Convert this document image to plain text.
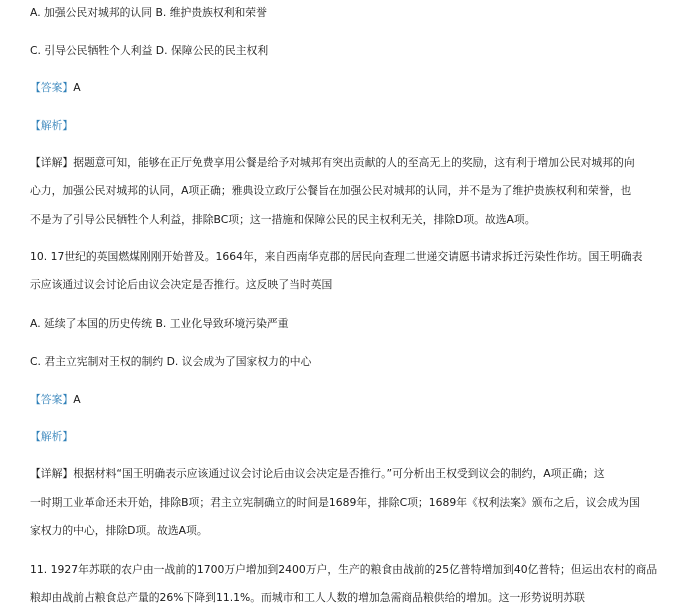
A. 加强公民对城邦的认同 B. 维护贵族权利和荣誉
C. 引导公民牺牲个人利益 D. 保障公民的民主权利
【答案】A
【解析】
【详解】据题意可知，能够在正厅免费享用公餐是给予对城邦有突出贡献的人的至高无上的奖励，这有利于增加公民对城邦的向
心力，加强公民对城邦的认同，A项正确；雅典设立政厅公餐旨在加强公民对城邦的认同，并不是为了维护贵族权利和荣誉，也
不是为了引导公民牺牲个人利益，排除BC项；这一措施和保障公民的民主权利无关，排除D项。故选A项。
10. 17世纪的英国燃煤刚刚开始普及。1664年，来自西南华克郡的居民向查理二世递交请愿书请求拆迁污染性作坊。国王明确表
示应该通过议会讨论后由议会决定是否推行。这反映了当时英国
A. 延续了本国的历史传统 B. 工业化导致环境污染严重
C. 君主立宪制对王权的制约 D. 议会成为了国家权力的中心
【答案】A
【解析】
【详解】根据材料“国王明确表示应该通过议会讨论后由议会决定是否推行。”可分析出王权受到议会的制约，A项正确；这
一时期工业革命还未开始，排除B项；君主立宪制确立的时间是1689年，排除C项；1689年《权利法案》颁布之后，议会成为国
家权力的中心，排除D项。故选A项。
11. 1927年苏联的农户由一战前的1700万户增加到2400万户，生产的粮食由战前的25亿普特增加到40亿普特；但运出农村的商品
粮却由战前占粮食总产量的26%下降到11.1%。而城市和工人人数的增加急需商品粮供给的增加。这一形势说明苏联
